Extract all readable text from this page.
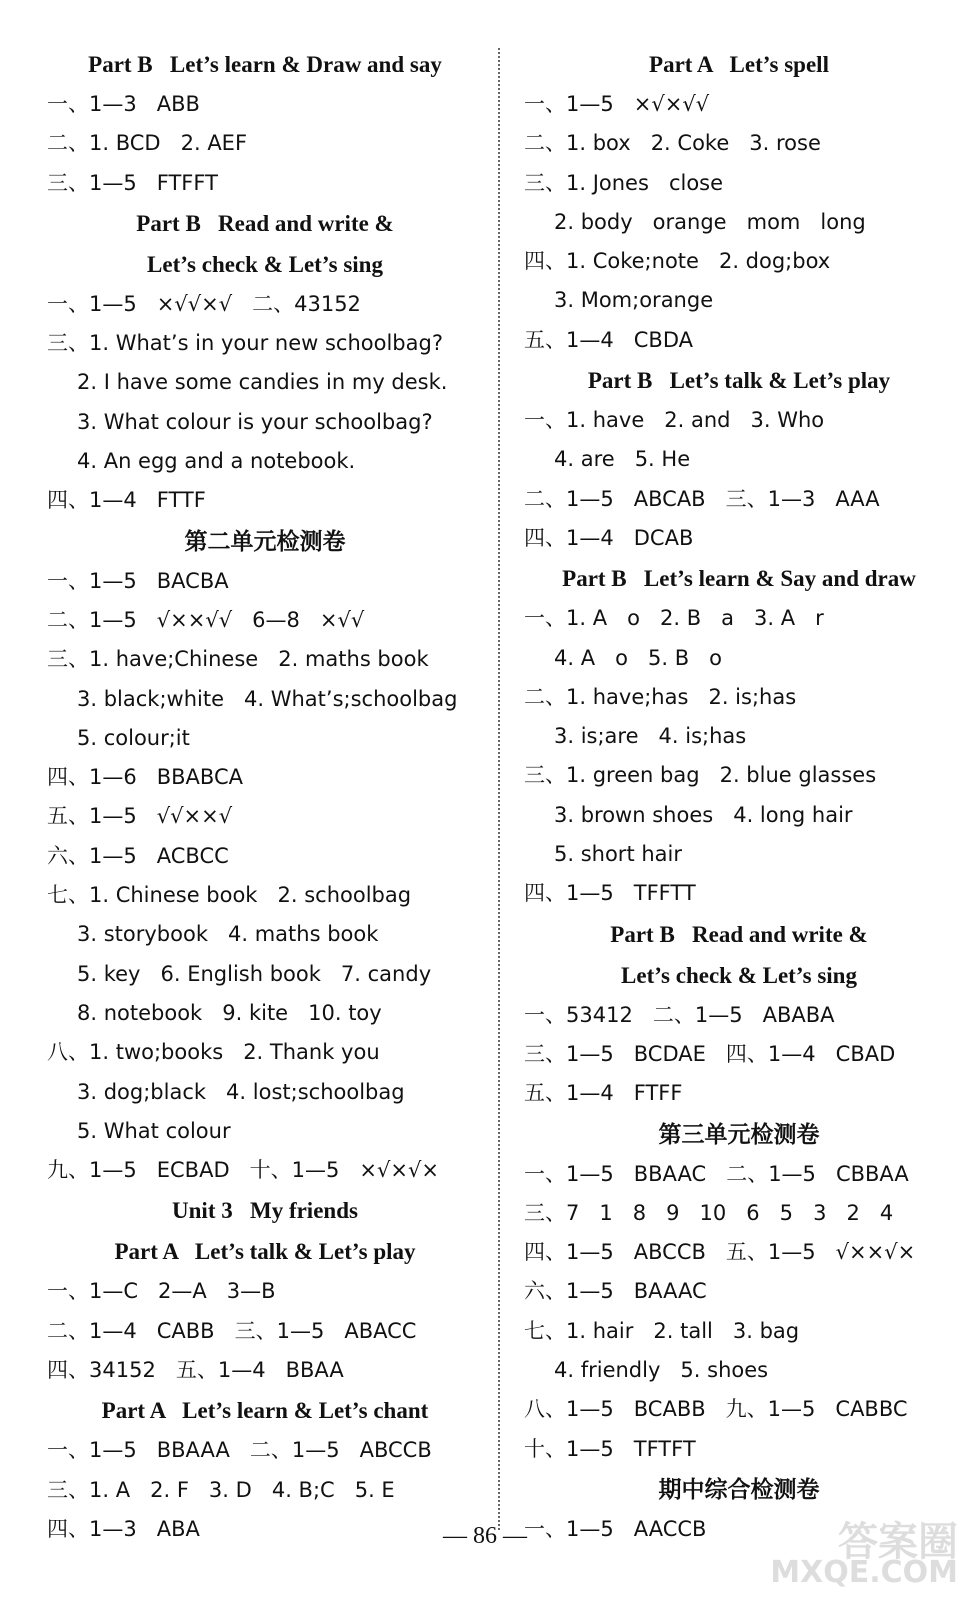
Part B   Let’s learn & Draw and say
一、1—3   ABB
二、1. BCD   2. AEF
三、1—5   FTFFT
Part B   Read and write &
Let’s check & Let’s sing
一、1—5   ×√√×√   二、43152
三、1. What’s in your new schoolbag?
2. I have some candies in my desk.
3. What colour is your schoolbag?
4. An egg and a notebook.
四、1—4   FTTF
第二单元检测卷
一、1—5   BACBA
二、1—5   √××√√   6—8   ×√√
三、1. have;Chinese   2. maths book
3. black;white   4. What’s;schoolbag
5. colour;it
四、1—6   BBABCA
五、1—5   √√××√
六、1—5   ACBCC
七、1. Chinese book   2. schoolbag
3. storybook   4. maths book
5. key   6. English book   7. candy
8. notebook   9. kite   10. toy
八、1. two;books   2. Thank you
3. dog;black   4. lost;schoolbag
5. What colour
九、1—5   ECBAD   十、1—5   ×√×√×
Unit 3   My friends
Part A   Let’s talk & Let’s play
一、1—C   2—A   3—B
二、1—4   CABB   三、1—5   ABACC
四、34152   五、1—4   BBAA
Part A   Let’s learn & Let’s chant
一、1—5   BBAAA   二、1—5   ABCCB
三、1. A   2. F   3. D   4. B;C   5. E
四、1—3   ABA
Part A   Let’s spell
一、1—5   ×√×√√
二、1. box   2. Coke   3. rose
三、1. Jones   close
2. body   orange   mom   long
四、1. Coke;note   2. dog;box
3. Mom;orange
五、1—4   CBDA
Part B   Let’s talk & Let’s play
一、1. have   2. and   3. Who
4. are   5. He
二、1—5   ABCAB   三、1—3   AAA
四、1—4   DCAB
Part B   Let’s learn & Say and draw
一、1. A   o   2. B   a   3. A   r
4. A   o   5. B   o
二、1. have;has   2. is;has
3. is;are   4. is;has
三、1. green bag   2. blue glasses
3. brown shoes   4. long hair
5. short hair
四、1—5   TFFTT
Part B   Read and write &
Let’s check & Let’s sing
一、53412   二、1—5   ABABA
三、1—5   BCDAE   四、1—4   CBAD
五、1—4   FTFF
第三单元检测卷
一、1—5   BBAAC   二、1—5   CBBAA
三、7   1   8   9   10   6   5   3   2   4
四、1—5   ABCCB   五、1—5   √××√×
六、1—5   BAAAC
七、1. hair   2. tall   3. bag
4. friendly   5. shoes
八、1—5   BCABB   九、1—5   CABBC
十、1—5   TFTFT
期中综合检测卷
一、1—5   AACCB
— 86 —	答案圈
MXQE.COM
